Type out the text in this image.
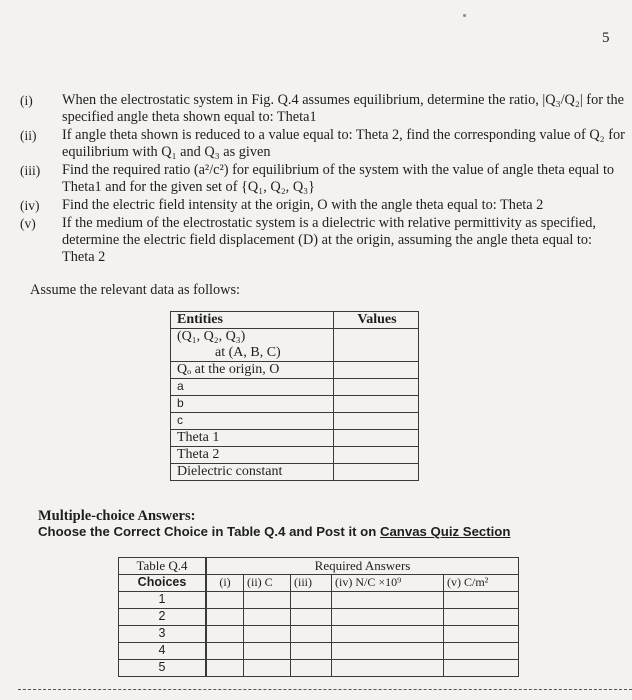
5
(i)	When the electrostatic system in Fig. Q.4 assumes equilibrium, determine the ratio, |Q₃/Q₂| for the specified angle theta shown equal to: Theta1
(ii)	If angle theta shown is reduced to a value equal to: Theta 2, find the corresponding value of Q₂ for equilibrium with Q₁ and Q₃ as given
(iii)	Find the required ratio (a²/c²) for equilibrium of the system with the value of angle theta equal to Theta1 and for the given set of {Q₁, Q₂, Q₃}
(iv)	Find the electric field intensity at the origin, O with the angle theta equal to: Theta 2
(v)	If the medium of the electrostatic system is a dielectric with relative permittivity as specified, determine the electric field displacement (D) at the origin, assuming the angle theta equal to: Theta 2
Assume the relevant data as follows:
Entities	Values
(Q₁, Q₂, Q₃)
at (A, B, C)	

Qₒ at the origin, O	
a	
b	
c	
Theta 1	
Theta 2	
Dielectric constant	
Multiple-choice Answers:
Choose the Correct Choice in Table Q.4 and Post it on Canvas Quiz Section
Table Q.4	Required Answers				
Choices	(i)	(ii) C	(iii)	(iv) N/C ×10⁹	(v) C/m²
1					
2					
3					
4					
5					
